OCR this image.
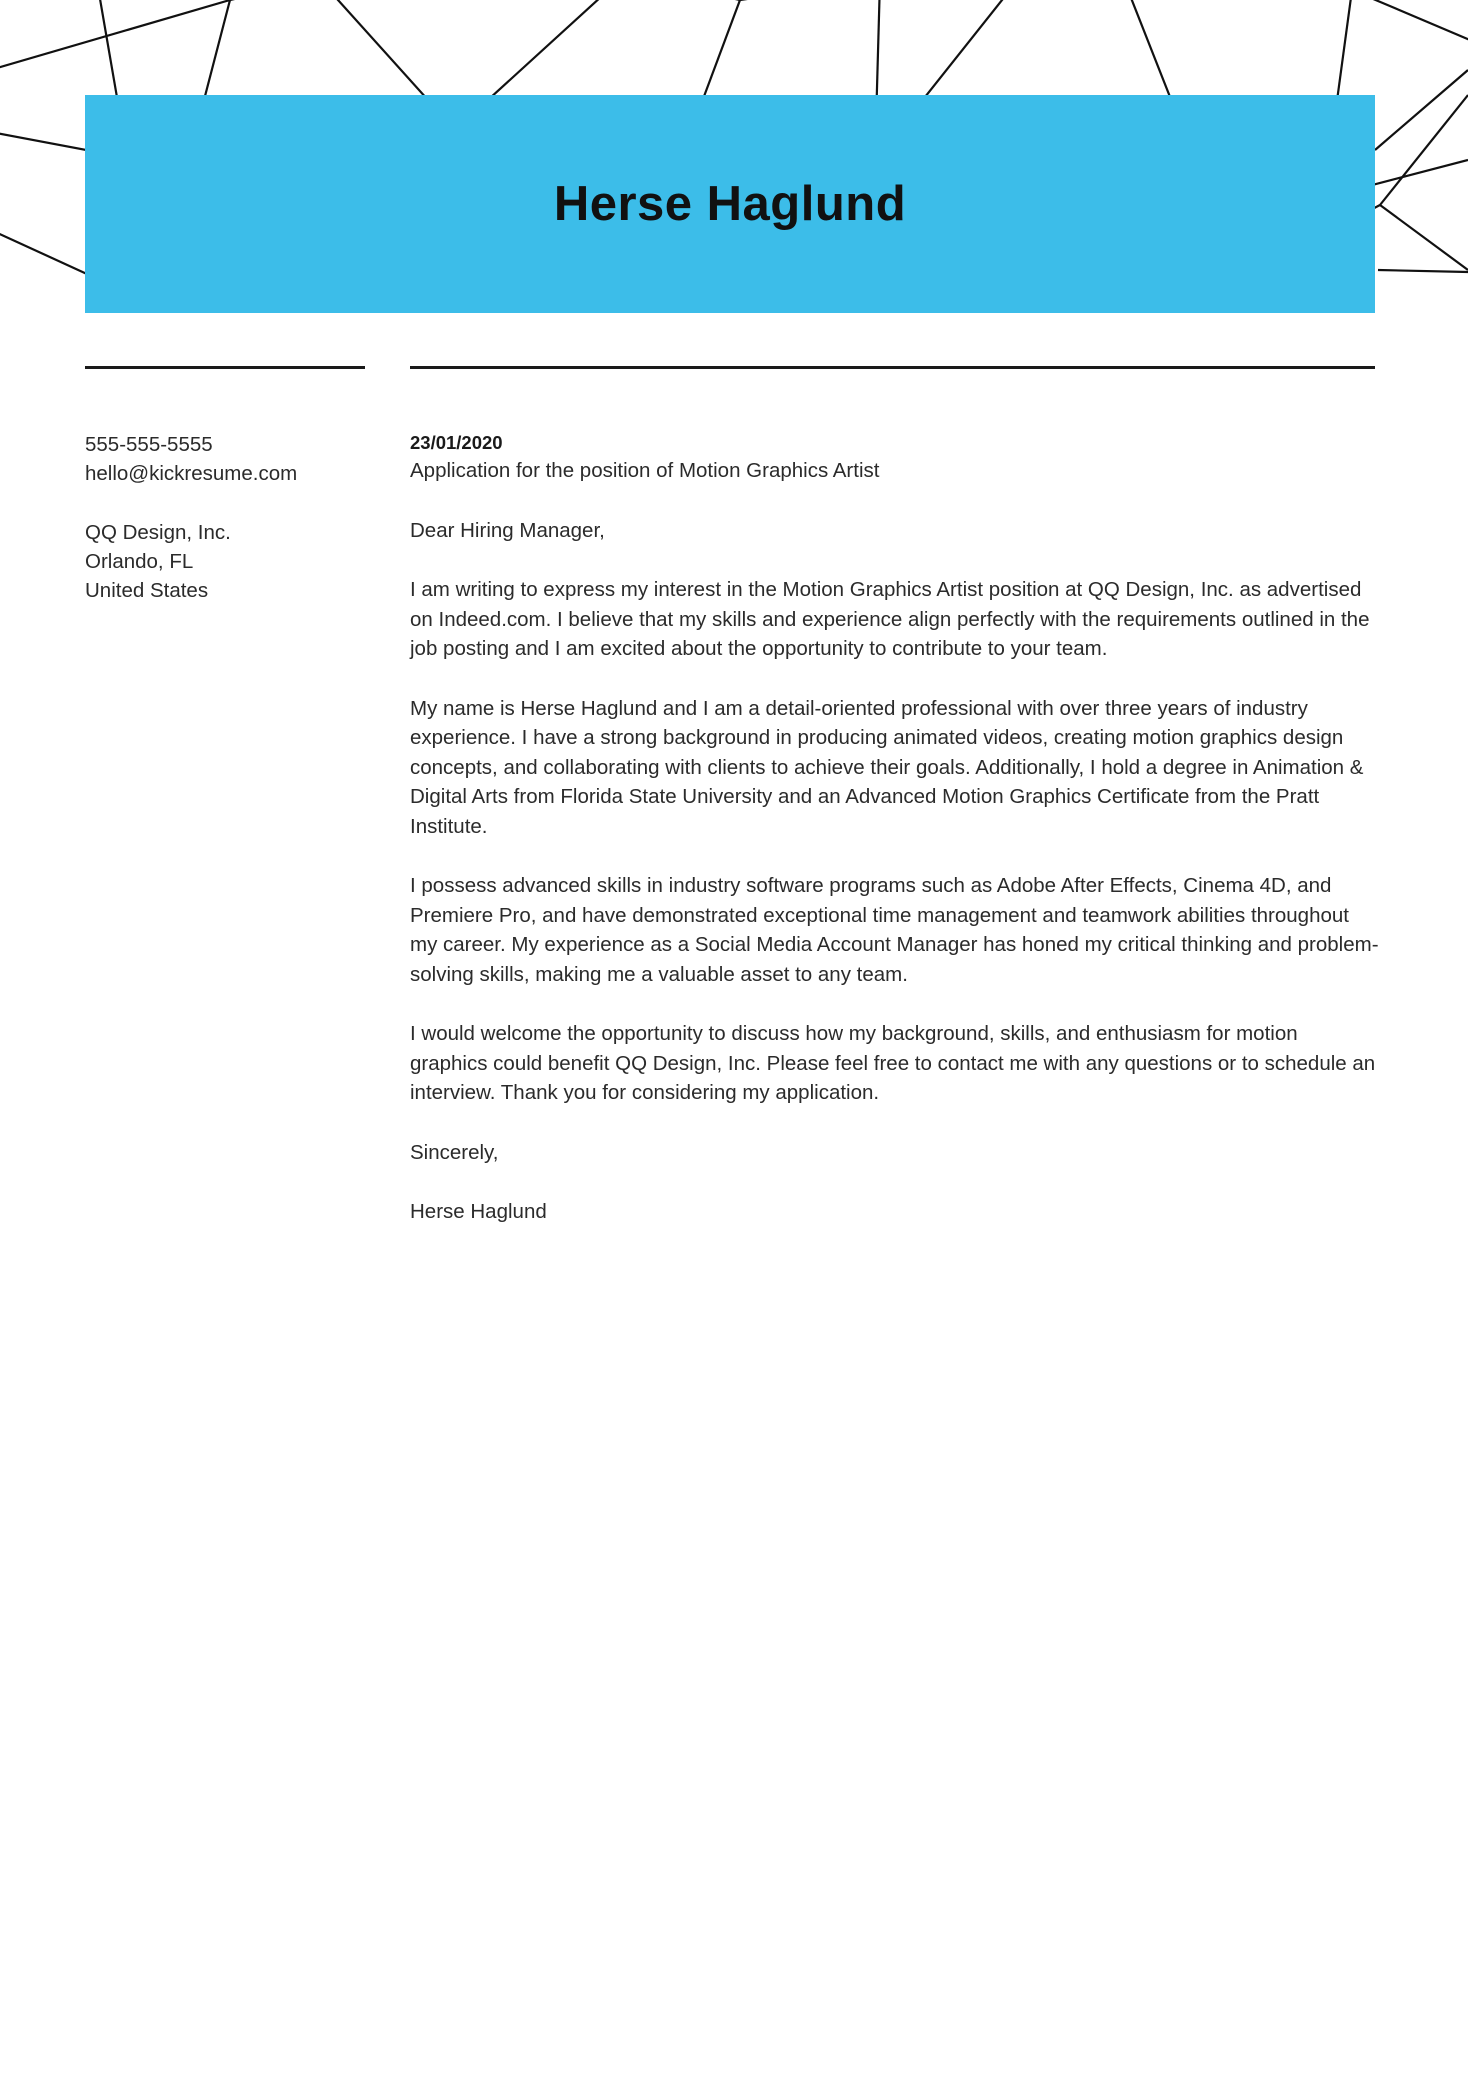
Herse Haglund
555-555-5555
hello@kickresume.com
QQ Design, Inc.
Orlando, FL
United States
23/01/2020
Application for the position of Motion Graphics Artist
Dear Hiring Manager,

I am writing to express my interest in the Motion Graphics Artist position at QQ Design, Inc. as advertised on Indeed.com. I believe that my skills and experience align perfectly with the requirements outlined in the job posting and I am excited about the opportunity to contribute to your team.

My name is Herse Haglund and I am a detail-oriented professional with over three years of industry experience. I have a strong background in producing animated videos, creating motion graphics design concepts, and collaborating with clients to achieve their goals. Additionally, I hold a degree in Animation & Digital Arts from Florida State University and an Advanced Motion Graphics Certificate from the Pratt Institute.

I possess advanced skills in industry software programs such as Adobe After Effects, Cinema 4D, and Premiere Pro, and have demonstrated exceptional time management and teamwork abilities throughout my career. My experience as a Social Media Account Manager has honed my critical thinking and problem-solving skills, making me a valuable asset to any team.

I would welcome the opportunity to discuss how my background, skills, and enthusiasm for motion graphics could benefit QQ Design, Inc. Please feel free to contact me with any questions or to schedule an interview. Thank you for considering my application.

Sincerely,
Herse Haglund
